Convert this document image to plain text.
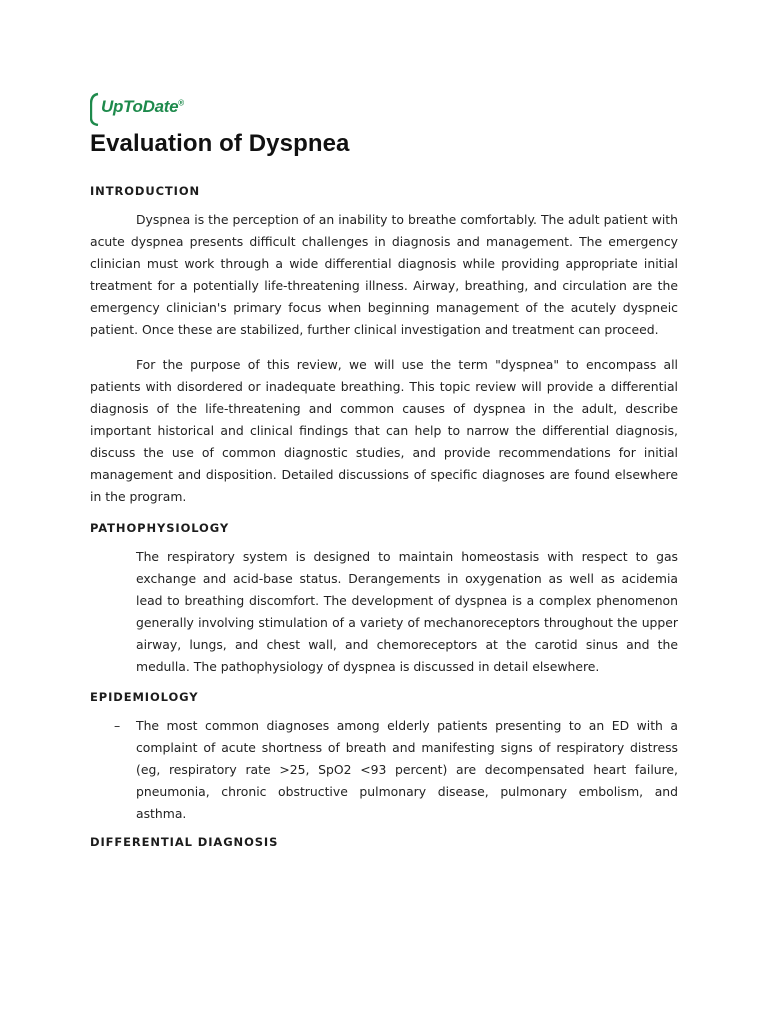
UpToDate®
Evaluation of Dyspnea
INTRODUCTION

Dyspnea is the perception of an inability to breathe comfortably. The adult patient with acute dyspnea presents difficult challenges in diagnosis and management. The emergency clinician must work through a wide differential diagnosis while providing appropriate initial treatment for a potentially life-threatening illness. Airway, breathing, and circulation are the emergency clinician's primary focus when beginning management of the acutely dyspneic patient. Once these are stabilized, further clinical investigation and treatment can proceed.

For the purpose of this review, we will use the term "dyspnea" to encompass all patients with disordered or inadequate breathing. This topic review will provide a differential diagnosis of the life-threatening and common causes of dyspnea in the adult, describe important historical and clinical findings that can help to narrow the differential diagnosis, discuss the use of common diagnostic studies, and provide recommendations for initial management and disposition. Detailed discussions of specific diagnoses are found elsewhere in the program.

PATHOPHYSIOLOGY

The respiratory system is designed to maintain homeostasis with respect to gas exchange and acid-base status. Derangements in oxygenation as well as acidemia lead to breathing discomfort. The development of dyspnea is a complex phenomenon generally involving stimulation of a variety of mechanoreceptors throughout the upper airway, lungs, and chest wall, and chemoreceptors at the carotid sinus and the medulla. The pathophysiology of dyspnea is discussed in detail elsewhere.

EPIDEMIOLOGY
–	The most common diagnoses among elderly patients presenting to an ED with a complaint of acute shortness of breath and manifesting signs of respiratory distress (eg, respiratory rate >25, SpO2 <93 percent) are decompensated heart failure, pneumonia, chronic obstructive pulmonary disease, pulmonary embolism, and asthma.

DIFFERENTIAL DIAGNOSIS
